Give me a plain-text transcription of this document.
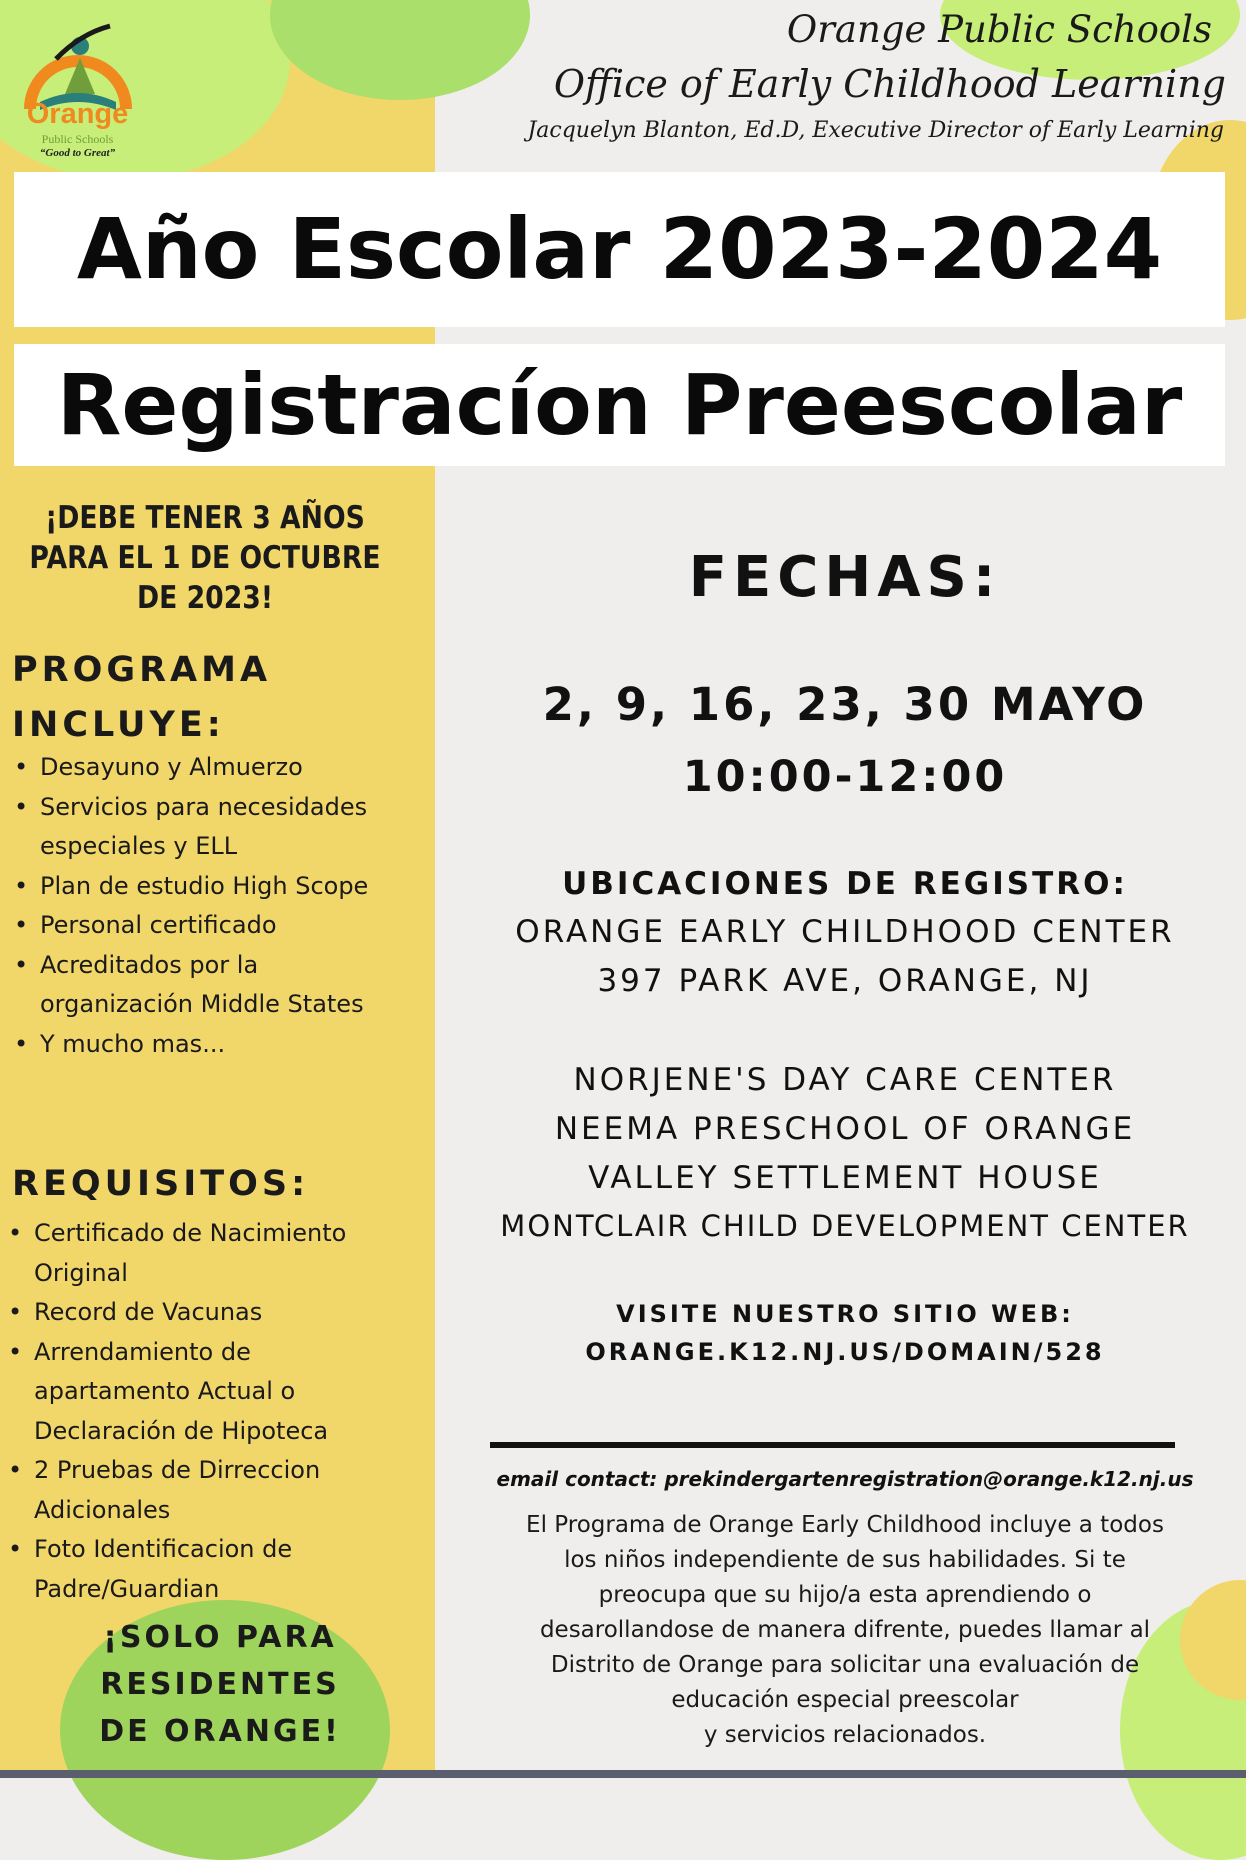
Orange
Public Schools
“Good to Great”
Orange Public Schools
Office of Early Childhood Learning
Jacquelyn Blanton, Ed.D, Executive Director of Early Learning
Año Escolar 2023-2024
Registracíon Preescolar
¡DEBE TENER 3 AÑOS
PARA EL 1 DE OCTUBRE
DE 2023!
PROGRAMA
INCLUYE:
• Desayuno y Almuerzo
• Servicios para necesidades especiales y ELL
• Plan de estudio High Scope
• Personal certificado
• Acreditados por la organización Middle States
• Y mucho mas...
REQUISITOS:
• Certificado de Nacimiento Original
• Record de Vacunas
• Arrendamiento de apartamento Actual o Declaración de Hipoteca
• 2 Pruebas de Dirreccion Adicionales
• Foto Identificacion de Padre/Guardian
¡SOLO PARA
RESIDENTES
DE ORANGE!
FECHAS:
2, 9, 16, 23, 30 MAYO
10:00-12:00
UBICACIONES DE REGISTRO:
ORANGE EARLY CHILDHOOD CENTER
397 PARK AVE, ORANGE, NJ
NORJENE'S DAY CARE CENTER
NEEMA PRESCHOOL OF ORANGE
VALLEY SETTLEMENT HOUSE
MONTCLAIR CHILD DEVELOPMENT CENTER
VISITE NUESTRO SITIO WEB:
ORANGE.K12.NJ.US/DOMAIN/528
email contact: prekindergartenregistration@orange.k12.nj.us
El Programa de Orange Early Childhood incluye a todos
los niños independiente de sus habilidades. Si te
preocupa que su hijo/a esta aprendiendo o
desarollandose de manera difrente, puedes llamar al
Distrito de Orange para solicitar una evaluación de
educación especial preescolar
y servicios relacionados.
